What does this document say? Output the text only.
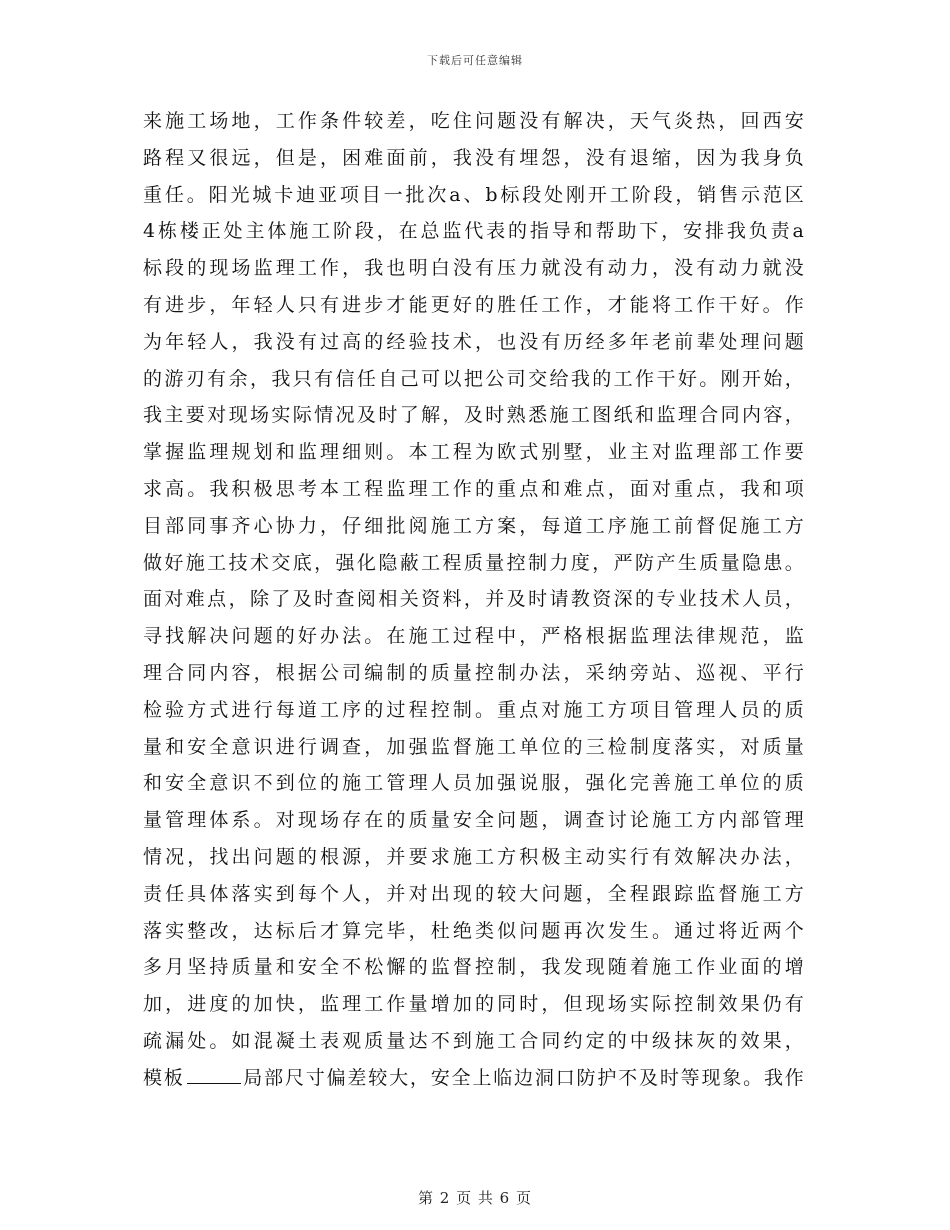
下载后可任意编辑
来施工场地，工作条件较差，吃住问题没有解决，天气炎热，回西安
路程又很远，但是，困难面前，我没有埋怨，没有退缩，因为我身负
重任。阳光城卡迪亚项目一批次a、b标段处刚开工阶段，销售示范区
4栋楼正处主体施工阶段，在总监代表的指导和帮助下，安排我负责a
标段的现场监理工作，我也明白没有压力就没有动力，没有动力就没
有进步，年轻人只有进步才能更好的胜任工作，才能将工作干好。作
为年轻人，我没有过高的经验技术，也没有历经多年老前辈处理问题
的游刃有余，我只有信任自己可以把公司交给我的工作干好。刚开始，
我主要对现场实际情况及时了解，及时熟悉施工图纸和监理合同内容，
掌握监理规划和监理细则。本工程为欧式别墅，业主对监理部工作要
求高。我积极思考本工程监理工作的重点和难点，面对重点，我和项
目部同事齐心协力，仔细批阅施工方案，每道工序施工前督促施工方
做好施工技术交底，强化隐蔽工程质量控制力度，严防产生质量隐患。
面对难点，除了及时查阅相关资料，并及时请教资深的专业技术人员，
寻找解决问题的好办法。在施工过程中，严格根据监理法律规范，监
理合同内容，根据公司编制的质量控制办法，采纳旁站、巡视、平行
检验方式进行每道工序的过程控制。重点对施工方项目管理人员的质
量和安全意识进行调查，加强监督施工单位的三检制度落实，对质量
和安全意识不到位的施工管理人员加强说服，强化完善施工单位的质
量管理体系。对现场存在的质量安全问题，调查讨论施工方内部管理
情况，找出问题的根源，并要求施工方积极主动实行有效解决办法，
责任具体落实到每个人，并对出现的较大问题，全程跟踪监督施工方
落实整改，达标后才算完毕，杜绝类似问题再次发生。通过将近两个
多月坚持质量和安全不松懈的监督控制，我发现随着施工作业面的增
加，进度的加快，监理工作量增加的同时，但现场实际控制效果仍有
疏漏处。如混凝土表观质量达不到施工合同约定的中级抹灰的效果，
模板	局部尺寸偏差较大，安全上临边洞口防护不及时等现象。我作
第 2 页 共 6 页
